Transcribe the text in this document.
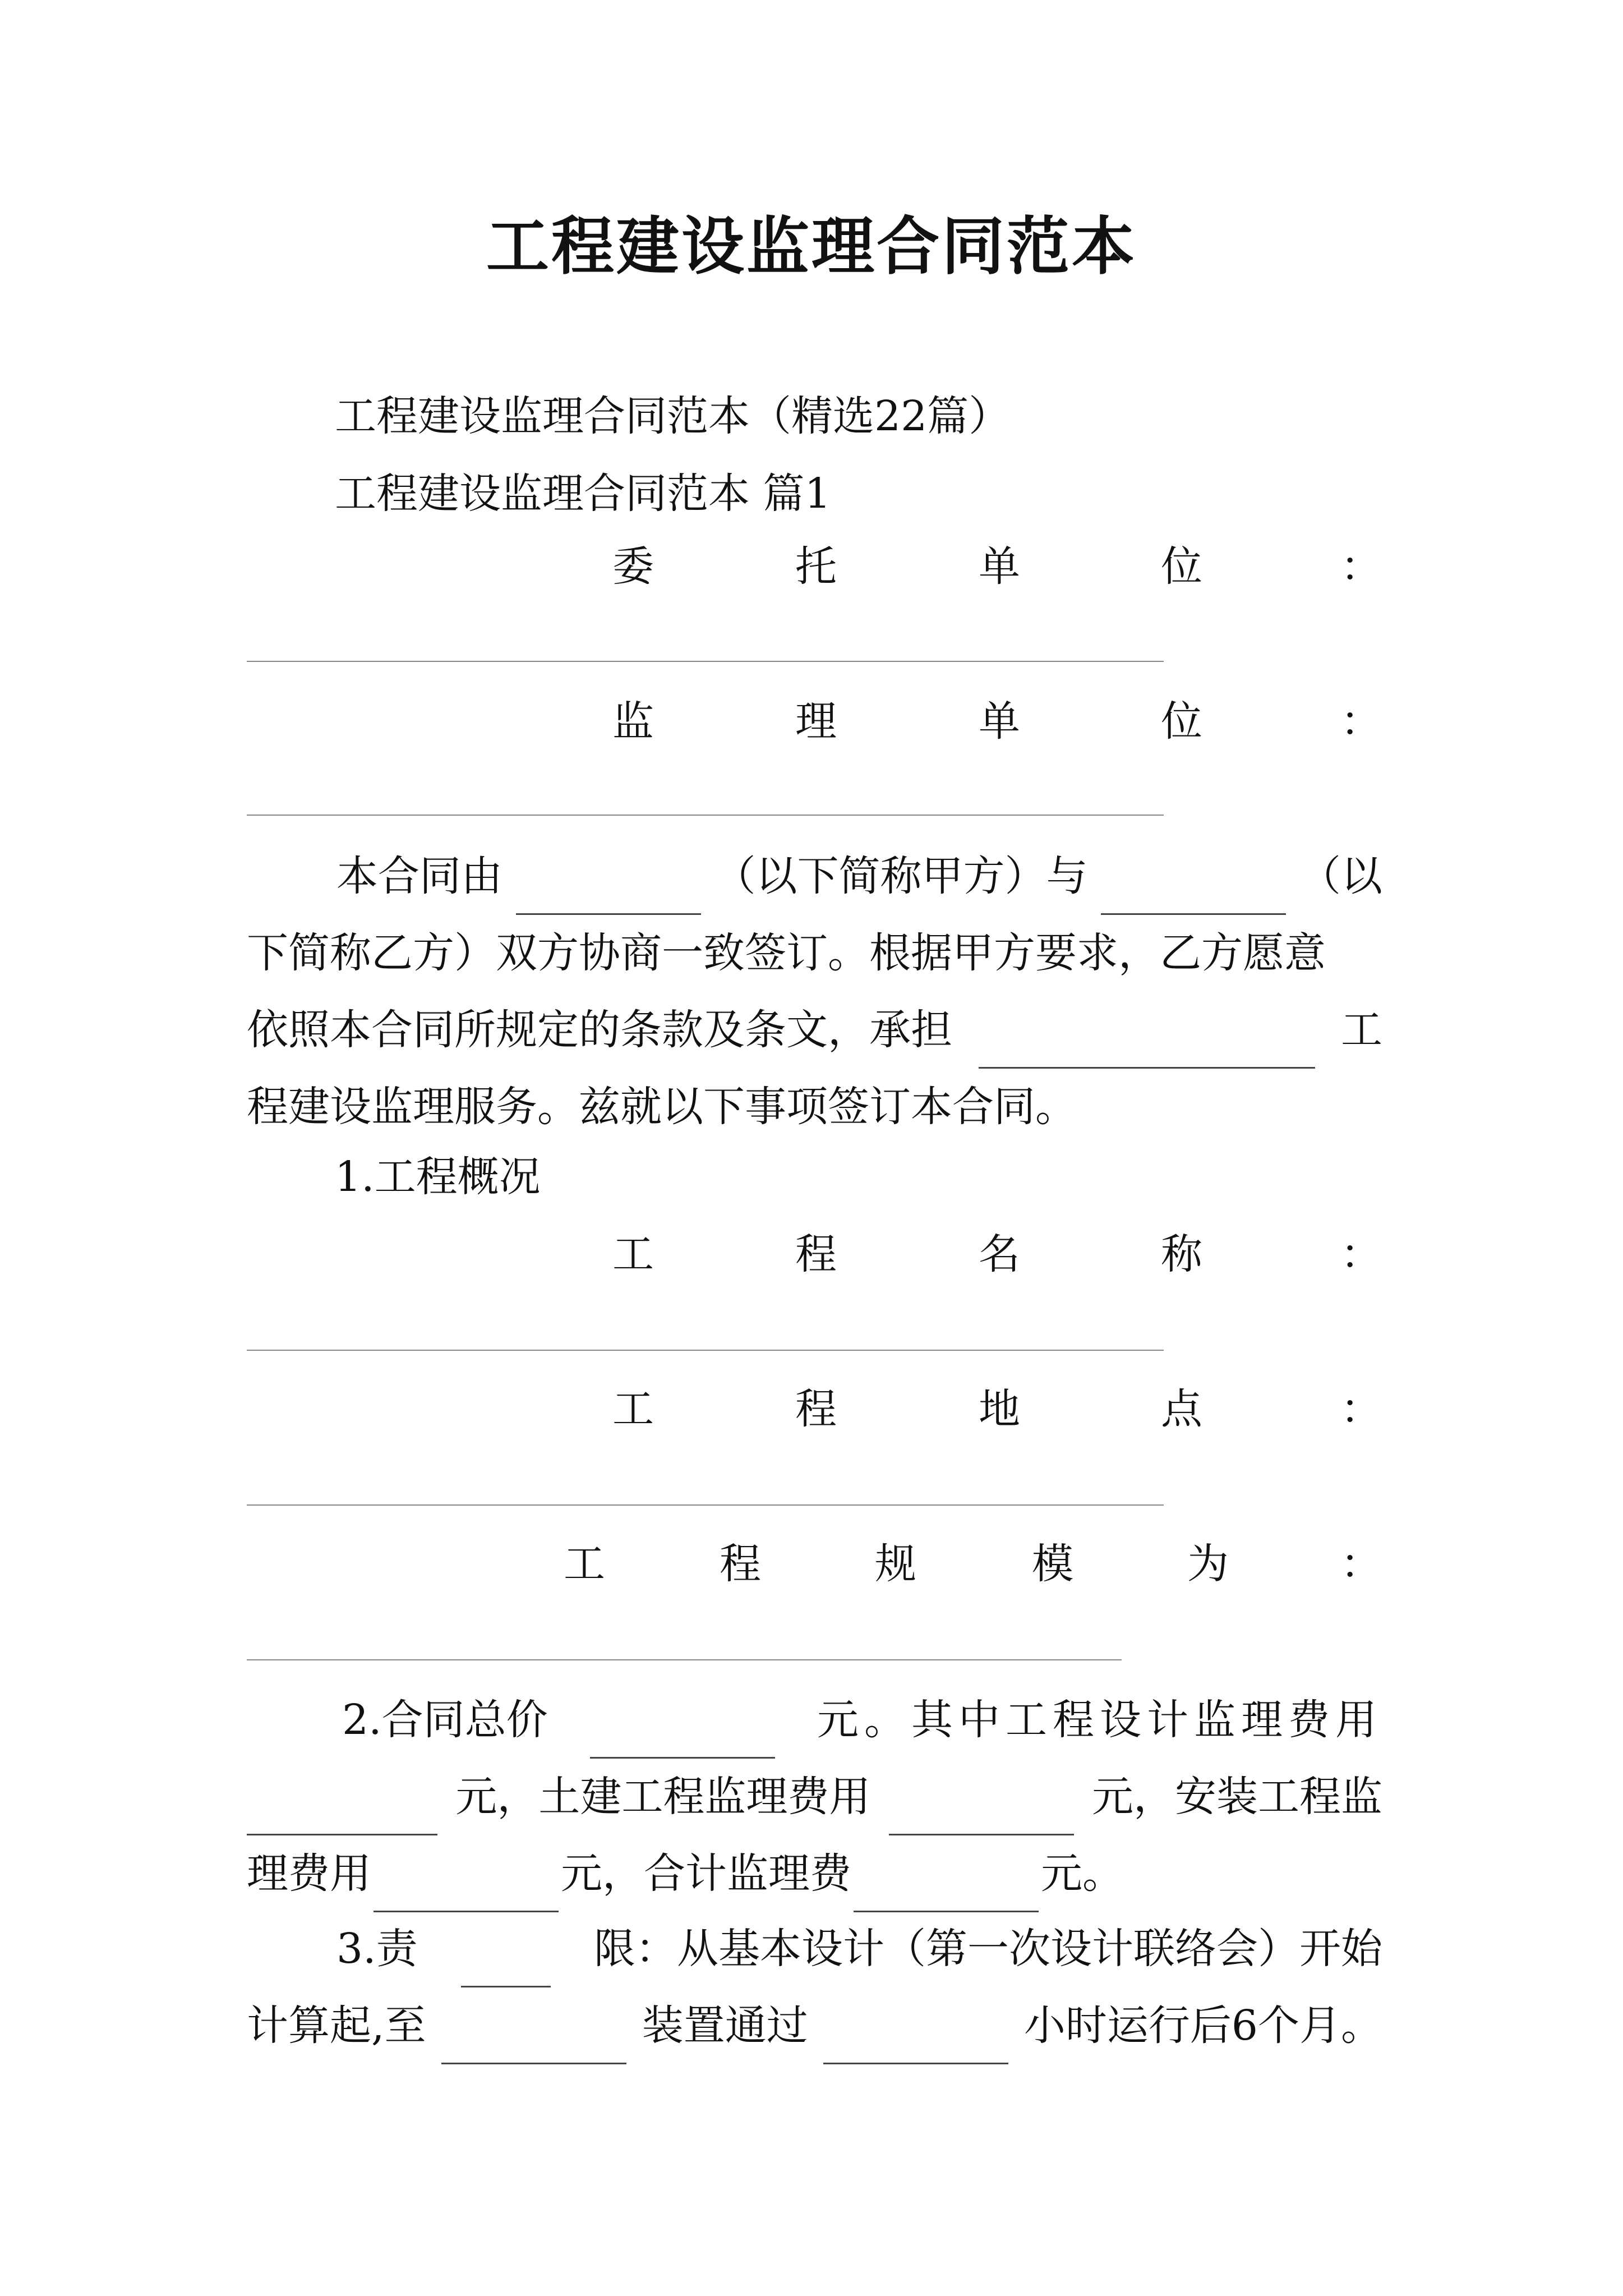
工程建设监理合同范本
工程建设监理合同范本（精选22篇）
工程建设监理合同范本 篇1
委	托	单	位	：
监	理	单	位	：
本合同由	（以下简称甲方）与	（以
下简称乙方）双方协商一致签订。根据甲方要求，乙方愿意
依照本合同所规定的条款及条文，承担	工
程建设监理服务。兹就以下事项签订本合同。
1.工程概况
工	程	名	称	：
工	程	地	点	：
工	程	规	模	为	：
2.合同总价	元。其中工程设计监理费用
元，土建工程监理费用	元，安装工程监
理费用	元，合计监理费	元。
3.责	限：从基本设计（第一次设计联络会）开始
计算起,至	装置通过	小时运行后6个月。
